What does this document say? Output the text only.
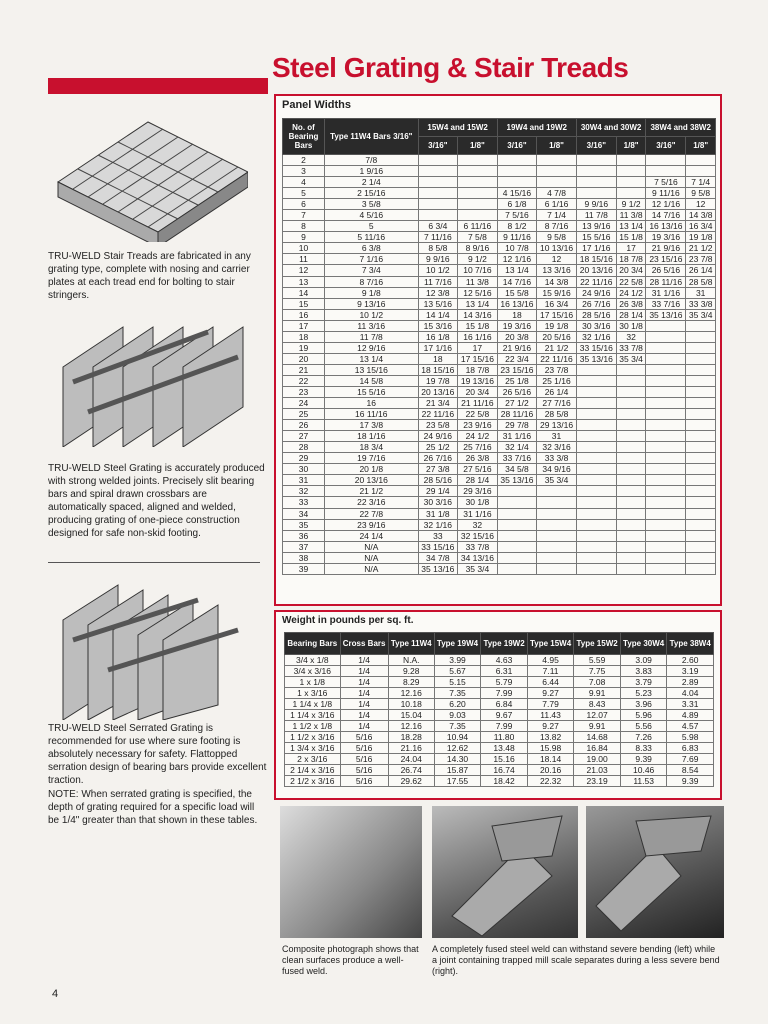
Steel Grating & Stair Treads
TRU-WELD Stair Treads are fabricated in any grating type, complete with nosing and carrier plates at each tread end for bolting to stair stringers.
TRU-WELD Steel Grating is accurately produced with strong welded joints. Precisely slit bearing bars and spiral drawn crossbars are automatically spaced, aligned and welded, producing grating of one-piece construction designed for safe non-skid footing.
TRU-WELD Steel Serrated Grating is recommended for use where sure footing is absolutely necessary for safety. Flattopped serration design of bearing bars provide excellent traction.
NOTE: When serrated grating is specified, the depth of grating required for a specific load will be 1/4" greater than that shown in these tables.
Panel Widths
No. of Bearing Bars	Type 11W4 Bars 3/16"	15W4 and 15W2		19W4 and 19W2		30W4 and 30W2		38W4 and 38W2	
		3/16"	1/8"	3/16"	1/8"	3/16"	1/8"	3/16"	1/8"
2	7/8								
3	1 9/16								
4	2 1/4							7 5/16	7 1/4
5	2 15/16			4 15/16	4 7/8			9 11/16	9 5/8
6	3 5/8			6 1/8	6 1/16	9 9/16	9 1/2	12 1/16	12
7	4 5/16			7 5/16	7 1/4	11 7/8	11 3/8	14 7/16	14 3/8
8	5	6 3/4	6 11/16	8 1/2	8 7/16	13 9/16	13 1/4	16 13/16	16 3/4
9	5 11/16	7 11/16	7 5/8	9 11/16	9 5/8	15 5/16	15 1/8	19 3/16	19 1/8
10	6 3/8	8 5/8	8 9/16	10 7/8	10 13/16	17 1/16	17	21 9/16	21 1/2
11	7 1/16	9 9/16	9 1/2	12 1/16	12	18 15/16	18 7/8	23 15/16	23 7/8
12	7 3/4	10 1/2	10 7/16	13 1/4	13 3/16	20 13/16	20 3/4	26 5/16	26 1/4
13	8 7/16	11 7/16	11 3/8	14 7/16	14 3/8	22 11/16	22 5/8	28 11/16	28 5/8
14	9 1/8	12 3/8	12 5/16	15 5/8	15 9/16	24 9/16	24 1/2	31 1/16	31
15	9 13/16	13 5/16	13 1/4	16 13/16	16 3/4	26 7/16	26 3/8	33 7/16	33 3/8
16	10 1/2	14 1/4	14 3/16	18	17 15/16	28 5/16	28 1/4	35 13/16	35 3/4
17	11 3/16	15 3/16	15 1/8	19 3/16	19 1/8	30 3/16	30 1/8		
18	11 7/8	16 1/8	16 1/16	20 3/8	20 5/16	32 1/16	32		
19	12 9/16	17 1/16	17	21 9/16	21 1/2	33 15/16	33 7/8		
20	13 1/4	18	17 15/16	22 3/4	22 11/16	35 13/16	35 3/4		
21	13 15/16	18 15/16	18 7/8	23 15/16	23 7/8				
22	14 5/8	19 7/8	19 13/16	25 1/8	25 1/16				
23	15 5/16	20 13/16	20 3/4	26 5/16	26 1/4				
24	16	21 3/4	21 11/16	27 1/2	27 7/16				
25	16 11/16	22 11/16	22 5/8	28 11/16	28 5/8				
26	17 3/8	23 5/8	23 9/16	29 7/8	29 13/16				
27	18 1/16	24 9/16	24 1/2	31 1/16	31				
28	18 3/4	25 1/2	25 7/16	32 1/4	32 3/16				
29	19 7/16	26 7/16	26 3/8	33 7/16	33 3/8				
30	20 1/8	27 3/8	27 5/16	34 5/8	34 9/16				
31	20 13/16	28 5/16	28 1/4	35 13/16	35 3/4				
32	21 1/2	29 1/4	29 3/16						
33	22 3/16	30 3/16	30 1/8						
34	22 7/8	31 1/8	31 1/16						
35	23 9/16	32 1/16	32						
36	24 1/4	33	32 15/16						
37	N/A	33 15/16	33 7/8						
38	N/A	34 7/8	34 13/16						
39	N/A	35 13/16	35 3/4						
Weight in pounds per sq. ft.
Bearing Bars	Cross Bars	Type 11W4	Type 19W4	Type 19W2	Type 15W4	Type 15W2	Type 30W4	Type 38W4
3/4 x 1/8	1/4	N.A.	3.99	4.63	4.95	5.59	3.09	2.60
3/4 x 3/16	1/4	9.28	5.67	6.31	7.11	7.75	3.83	3.19
1 x 1/8	1/4	8.29	5.15	5.79	6.44	7.08	3.79	2.89
1 x 3/16	1/4	12.16	7.35	7.99	9.27	9.91	5.23	4.04
1 1/4 x 1/8	1/4	10.18	6.20	6.84	7.79	8.43	3.96	3.31
1 1/4 x 3/16	1/4	15.04	9.03	9.67	11.43	12.07	5.96	4.89
1 1/2 x 1/8	1/4	12.16	7.35	7.99	9.27	9.91	5.56	4.57
1 1/2 x 3/16	5/16	18.28	10.94	11.80	13.82	14.68	7.26	5.98
1 3/4 x 3/16	5/16	21.16	12.62	13.48	15.98	16.84	8.33	6.83
2 x 3/16	5/16	24.04	14.30	15.16	18.14	19.00	9.39	7.69
2 1/4 x 3/16	5/16	26.74	15.87	16.74	20.16	21.03	10.46	8.54
2 1/2 x 3/16	5/16	29.62	17.55	18.42	22.32	23.19	11.53	9.39
Composite photograph shows that clean surfaces produce a well-fused weld.
A completely fused steel weld can withstand severe bending (left) while a joint containing trapped mill scale separates during a less severe bend (right).
4
